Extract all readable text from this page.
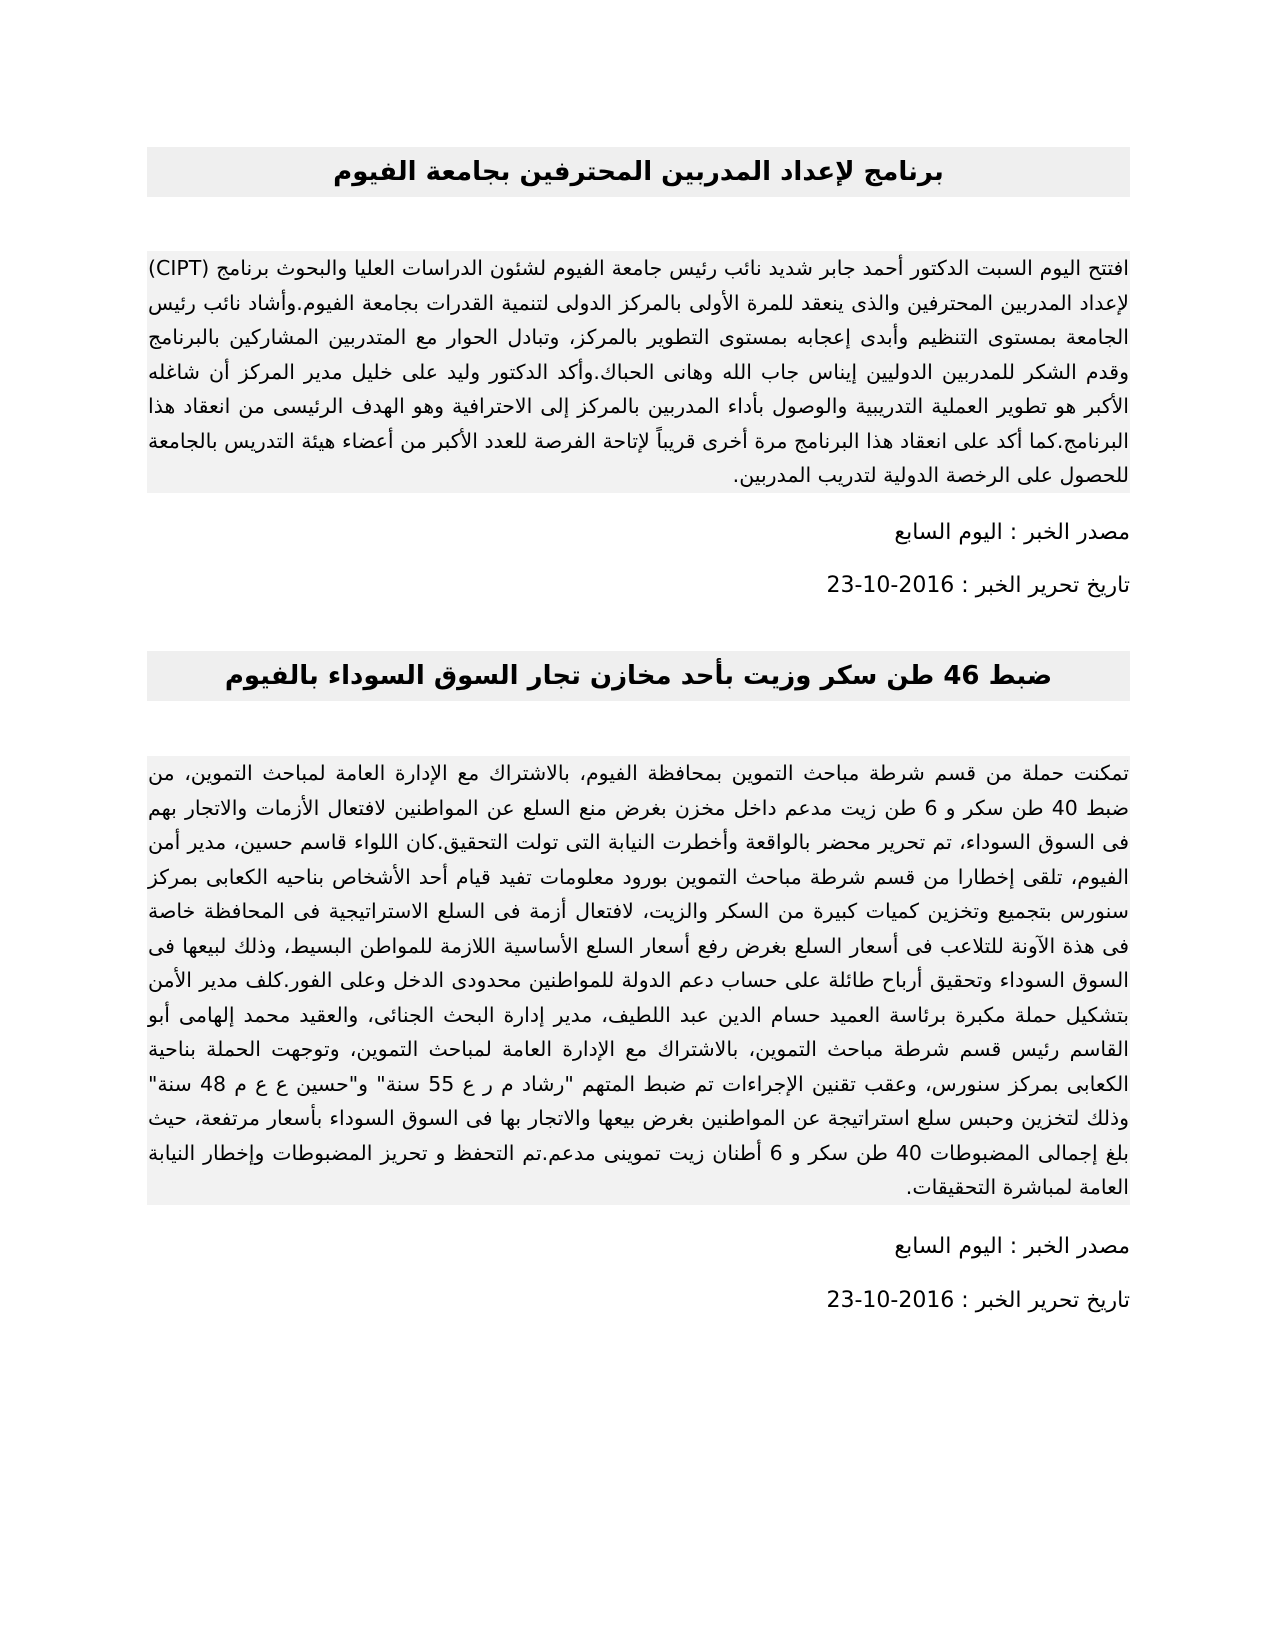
برنامج لإعداد المدربين المحترفين بجامعة الفيوم

افتتح اليوم السبت الدكتور أحمد جابر شديد نائب رئيس جامعة الفيوم لشئون الدراسات العليا والبحوث برنامج (CIPT) لإعداد المدربين المحترفين والذى ينعقد للمرة الأولى بالمركز الدولى لتنمية القدرات بجامعة الفيوم.وأشاد نائب رئيس الجامعة بمستوى التنظيم وأبدى إعجابه بمستوى التطوير بالمركز، وتبادل الحوار مع المتدربين المشاركين بالبرنامج وقدم الشكر للمدربين الدوليين إيناس جاب الله وهانى الحباك.وأكد الدكتور وليد على خليل مدير المركز أن شاغله الأكبر هو تطوير العملية التدريبية والوصول بأداء المدربين بالمركز إلى الاحترافية وهو الهدف الرئيسى من انعقاد هذا البرنامج.كما أكد على انعقاد هذا البرنامج مرة أخرى قريباً لإتاحة الفرصة للعدد الأكبر من أعضاء هيئة التدريس بالجامعة للحصول على الرخصة الدولية لتدريب المدربين.

مصدر الخبر : اليوم السابع
تاريخ تحرير الخبر : 23-10-2016
ضبط 46 طن سكر وزيت بأحد مخازن تجار السوق السوداء بالفيوم

تمكنت حملة من قسم شرطة مباحث التموين بمحافظة الفيوم، بالاشتراك مع الإدارة العامة لمباحث التموين، من ضبط 40 طن سكر و 6 طن زيت مدعم داخل مخزن بغرض منع السلع عن المواطنين لافتعال الأزمات والاتجار بهم فى السوق السوداء، تم تحرير محضر بالواقعة وأخطرت النيابة التى تولت التحقيق.كان اللواء قاسم حسين، مدير أمن الفيوم، تلقى إخطارا من قسم شرطة مباحث التموين بورود معلومات تفيد قيام أحد الأشخاص بناحيه الكعابى بمركز سنورس بتجميع وتخزين كميات كبيرة من السكر والزيت، لافتعال أزمة فى السلع الاستراتيجية فى المحافظة خاصة فى هذة الآونة للتلاعب فى أسعار السلع بغرض رفع أسعار السلع الأساسية اللازمة للمواطن البسيط، وذلك لبيعها فى السوق السوداء وتحقيق أرباح طائلة على حساب دعم الدولة للمواطنين محدودى الدخل وعلى الفور.كلف مدير الأمن بتشكيل حملة مكبرة برئاسة العميد حسام الدين عبد اللطيف، مدير إدارة البحث الجنائى، والعقيد محمد إلهامى أبو القاسم رئيس قسم شرطة مباحث التموين، بالاشتراك مع الإدارة العامة لمباحث التموين، وتوجهت الحملة بناحية الكعابى بمركز سنورس، وعقب تقنين الإجراءات تم ضبط المتهم "رشاد م ر ع 55 سنة" و"حسين ع ع م 48 سنة" وذلك لتخزين وحبس سلع استراتيجة عن المواطنين بغرض بيعها والاتجار بها فى السوق السوداء بأسعار مرتفعة، حيث بلغ إجمالى المضبوطات 40 طن سكر و 6 أطنان زيت تموينى مدعم.تم التحفظ و تحريز المضبوطات وإخطار النيابة العامة لمباشرة التحقيقات.

مصدر الخبر : اليوم السابع
تاريخ تحرير الخبر : 23-10-2016
